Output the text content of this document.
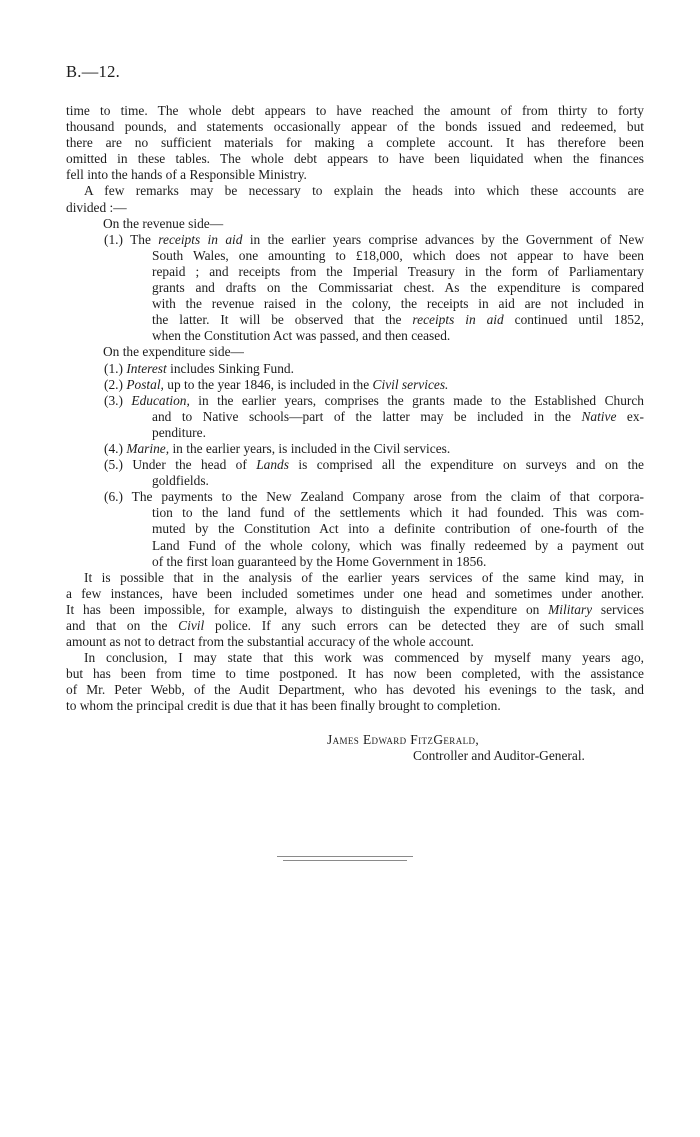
B.—12.
time to time. The whole debt appears to have reached the amount of from thirty to forty
thousand pounds, and statements occasionally appear of the bonds issued and redeemed, but
there are no sufficient materials for making a complete account. It has therefore been
omitted in these tables. The whole debt appears to have been liquidated when the finances
fell into the hands of a Responsible Ministry.
A few remarks may be necessary to explain the heads into which these accounts are
divided :—
On the revenue side—
(1.) The receipts in aid in the earlier years comprise advances by the Government of New
South Wales, one amounting to £18,000, which does not appear to have been
repaid ; and receipts from the Imperial Treasury in the form of Parliamentary
grants and drafts on the Commissariat chest. As the expenditure is compared
with the revenue raised in the colony, the receipts in aid are not included in
the latter. It will be observed that the receipts in aid continued until 1852,
when the Constitution Act was passed, and then ceased.
On the expenditure side—
(1.) Interest includes Sinking Fund.
(2.) Postal, up to the year 1846, is included in the Civil services.
(3.) Education, in the earlier years, comprises the grants made to the Established Church
and to Native schools—part of the latter may be included in the Native ex-
penditure.
(4.) Marine, in the earlier years, is included in the Civil services.
(5.) Under the head of Lands is comprised all the expenditure on surveys and on the
goldfields.
(6.) The payments to the New Zealand Company arose from the claim of that corpora-
tion to the land fund of the settlements which it had founded. This was com-
muted by the Constitution Act into a definite contribution of one-fourth of the
Land Fund of the whole colony, which was finally redeemed by a payment out
of the first loan guaranteed by the Home Government in 1856.
It is possible that in the analysis of the earlier years services of the same kind may, in
a few instances, have been included sometimes under one head and sometimes under another.
It has been impossible, for example, always to distinguish the expenditure on Military services
and that on the Civil police. If any such errors can be detected they are of such small
amount as not to detract from the substantial accuracy of the whole account.
In conclusion, I may state that this work was commenced by myself many years ago,
but has been from time to time postponed. It has now been completed, with the assistance
of Mr. Peter Webb, of the Audit Department, who has devoted his evenings to the task, and
to whom the principal credit is due that it has been finally brought to completion.
James Edward FitzGerald,
Controller and Auditor-General.
